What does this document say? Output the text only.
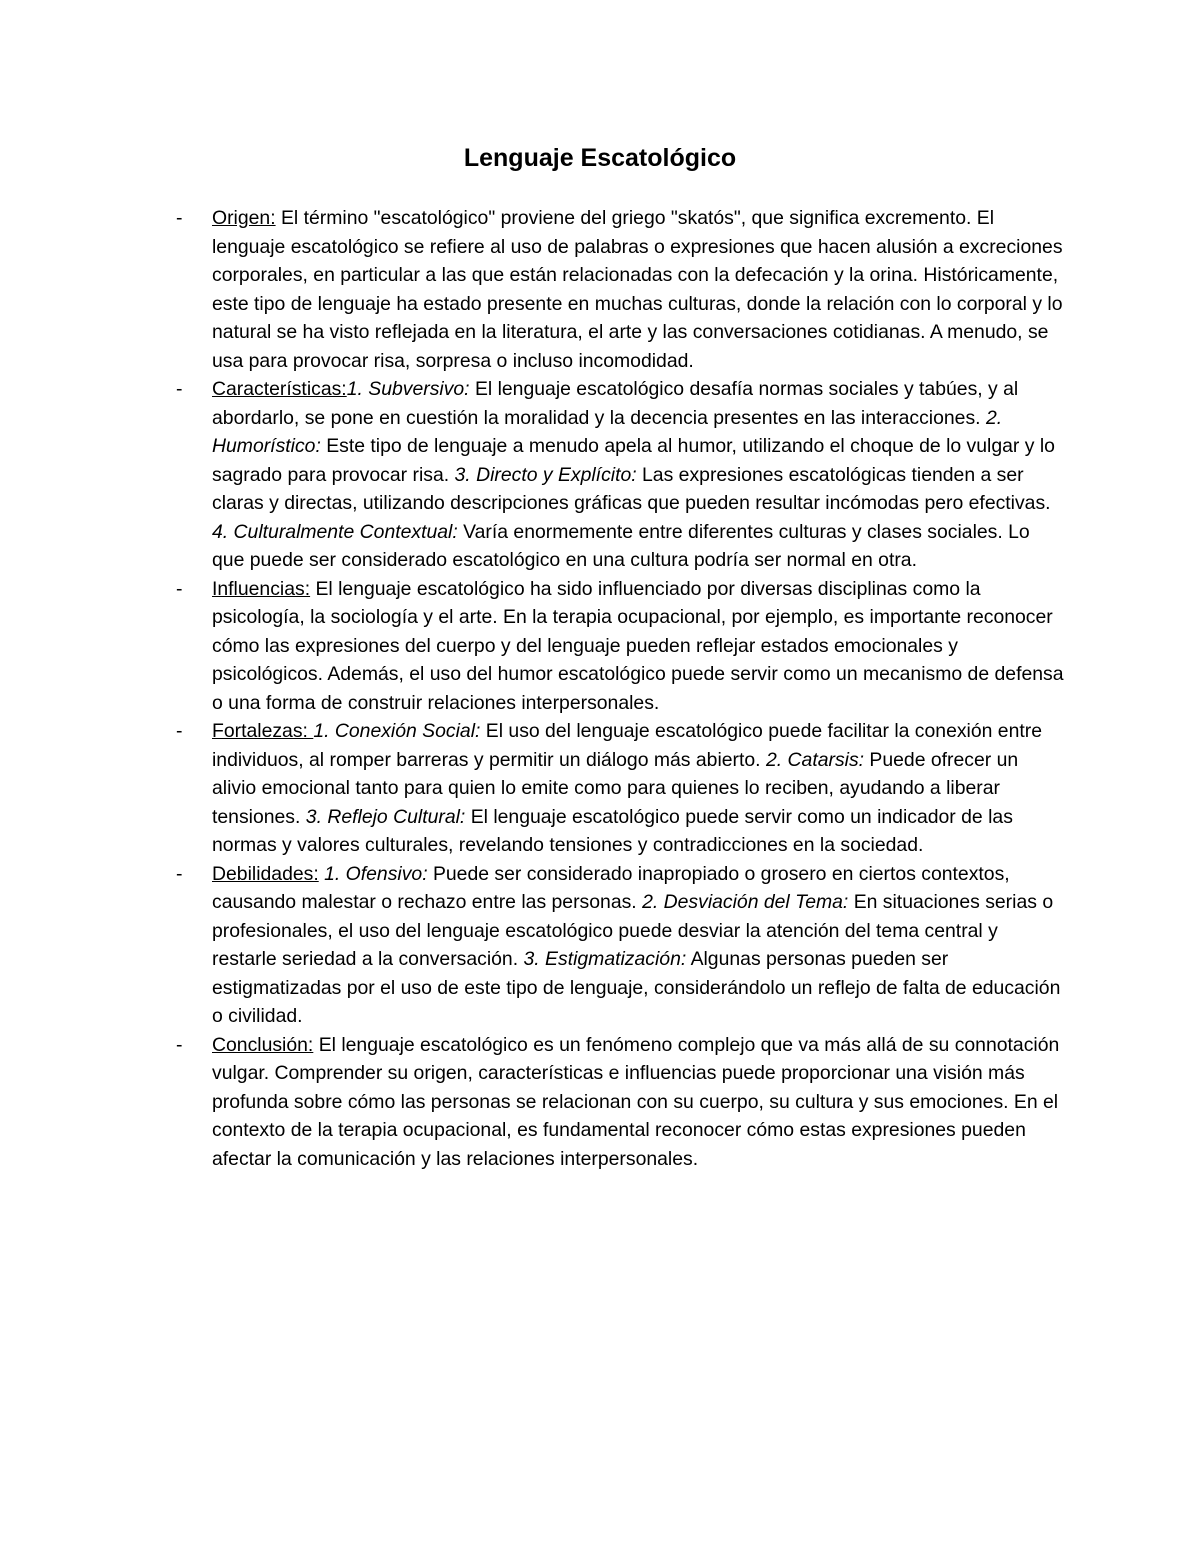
Lenguaje Escatológico
- Origen: El término "escatológico" proviene del griego "skatós", que significa excremento. El lenguaje escatológico se refiere al uso de palabras o expresiones que hacen alusión a excreciones corporales, en particular a las que están relacionadas con la defecación y la orina. Históricamente, este tipo de lenguaje ha estado presente en muchas culturas, donde la relación con lo corporal y lo natural se ha visto reflejada en la literatura, el arte y las conversaciones cotidianas. A menudo, se usa para provocar risa, sorpresa o incluso incomodidad.
- Características:1. Subversivo: El lenguaje escatológico desafía normas sociales y tabúes, y al abordarlo, se pone en cuestión la moralidad y la decencia presentes en las interacciones. 2. Humorístico: Este tipo de lenguaje a menudo apela al humor, utilizando el choque de lo vulgar y lo sagrado para provocar risa. 3. Directo y Explícito: Las expresiones escatológicas tienden a ser claras y directas, utilizando descripciones gráficas que pueden resultar incómodas pero efectivas. 4. Culturalmente Contextual: Varía enormemente entre diferentes culturas y clases sociales. Lo que puede ser considerado escatológico en una cultura podría ser normal en otra.
- Influencias: El lenguaje escatológico ha sido influenciado por diversas disciplinas como la psicología, la sociología y el arte. En la terapia ocupacional, por ejemplo, es importante reconocer cómo las expresiones del cuerpo y del lenguaje pueden reflejar estados emocionales y psicológicos. Además, el uso del humor escatológico puede servir como un mecanismo de defensa o una forma de construir relaciones interpersonales.
- Fortalezas: 1. Conexión Social: El uso del lenguaje escatológico puede facilitar la conexión entre individuos, al romper barreras y permitir un diálogo más abierto. 2. Catarsis: Puede ofrecer un alivio emocional tanto para quien lo emite como para quienes lo reciben, ayudando a liberar tensiones. 3. Reflejo Cultural: El lenguaje escatológico puede servir como un indicador de las normas y valores culturales, revelando tensiones y contradicciones en la sociedad.
- Debilidades: 1. Ofensivo: Puede ser considerado inapropiado o grosero en ciertos contextos, causando malestar o rechazo entre las personas. 2. Desviación del Tema: En situaciones serias o profesionales, el uso del lenguaje escatológico puede desviar la atención del tema central y restarle seriedad a la conversación. 3. Estigmatización: Algunas personas pueden ser estigmatizadas por el uso de este tipo de lenguaje, considerándolo un reflejo de falta de educación o civilidad.
- Conclusión: El lenguaje escatológico es un fenómeno complejo que va más allá de su connotación vulgar. Comprender su origen, características e influencias puede proporcionar una visión más profunda sobre cómo las personas se relacionan con su cuerpo, su cultura y sus emociones. En el contexto de la terapia ocupacional, es fundamental reconocer cómo estas expresiones pueden afectar la comunicación y las relaciones interpersonales.
